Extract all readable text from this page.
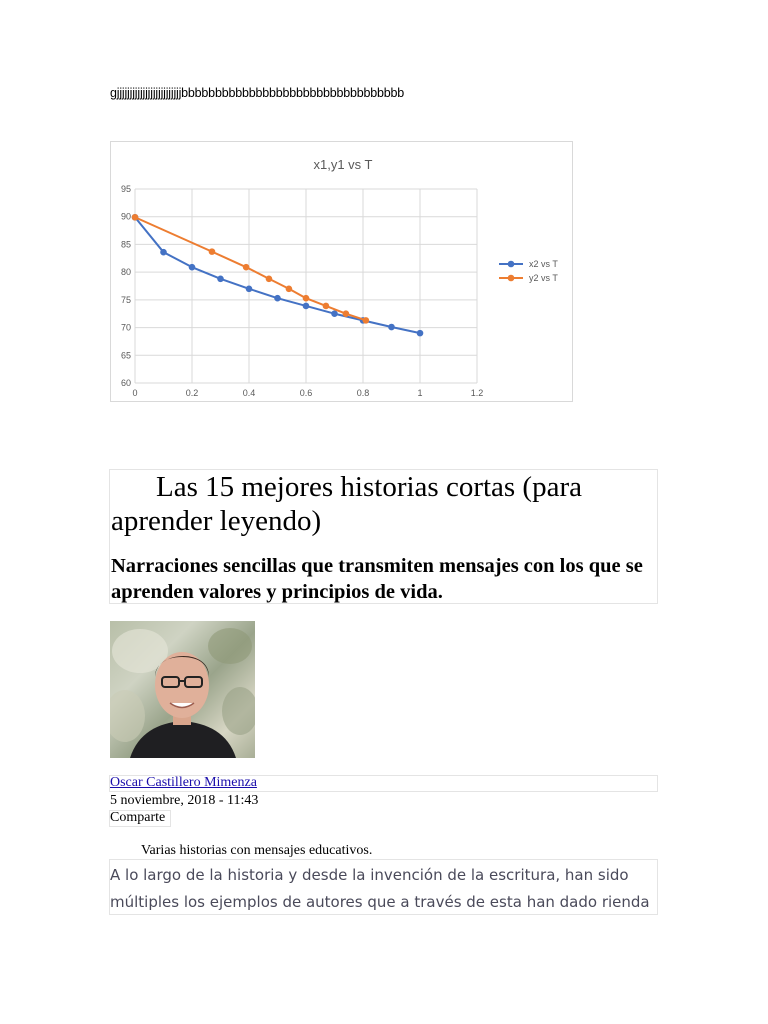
gjjjjjjjjjjjjjjjjjjjjjjjjjbbbbbbbbbbbbbbbbbbbbbbbbbbbbbbbbb
x1,y1 vs T
95
90
85
80
75
70
65
60
0	0.2	0.4	0.6	0.8	1	1.2
x2 vs T
y2 vs T
Las 15 mejores historias cortas (para aprender leyendo)
Narraciones sencillas que transmiten mensajes con los que se aprenden valores y principios de vida.
Oscar Castillero Mimenza
5 noviembre, 2018 - 11:43
Comparte
Varias historias con mensajes educativos.

A lo largo de la historia y desde la invención de la escritura, han sido múltiples los ejemplos de autores que a través de esta han dado rienda
